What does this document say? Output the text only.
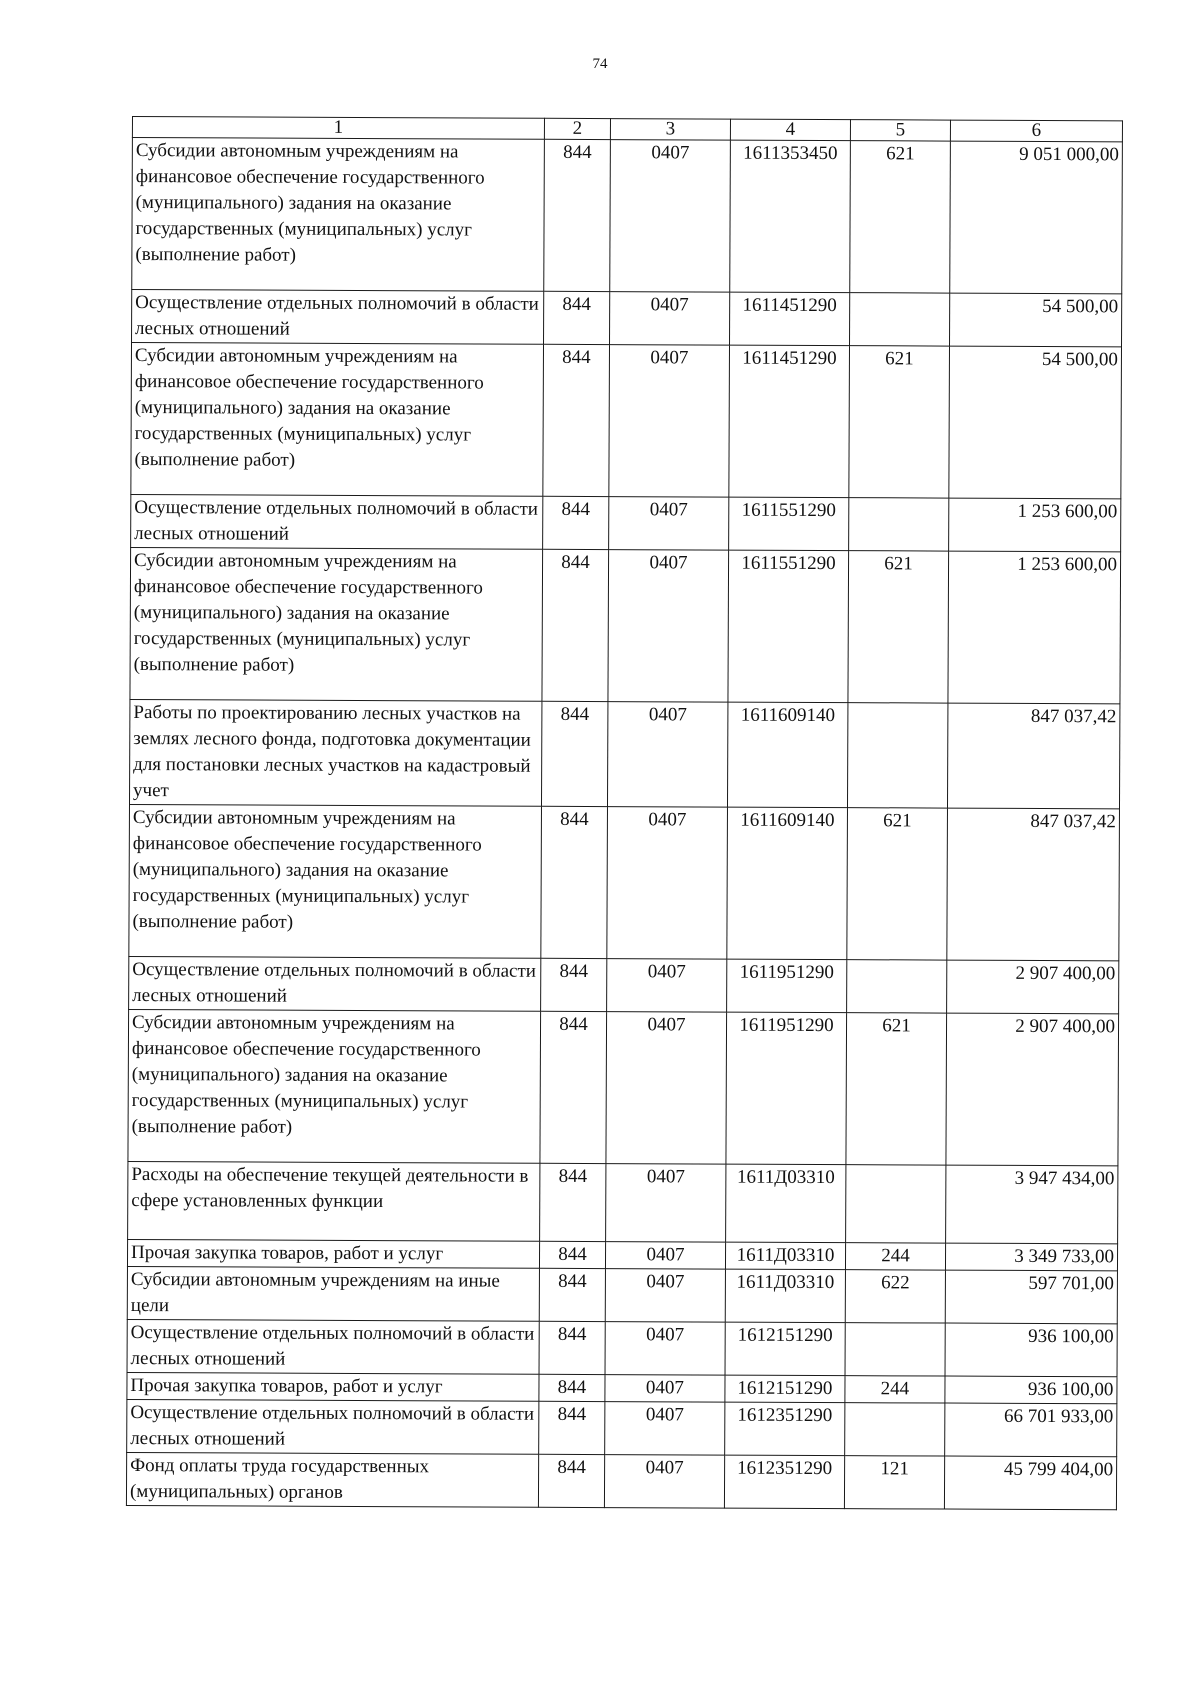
74
1	2	3	4	5	6
Субсидии автономным учреждениям на финансовое обеспечение государственного (муниципального) задания на оказание государственных (муниципальных) услуг (выполнение работ)	844	0407	1611353450	621	9 051 000,00
Осуществление отдельных полномочий в области лесных отношений	844	0407	1611451290		54 500,00
Субсидии автономным учреждениям на финансовое обеспечение государственного (муниципального) задания на оказание государственных (муниципальных) услуг (выполнение работ)	844	0407	1611451290	621	54 500,00
Осуществление отдельных полномочий в области лесных отношений	844	0407	1611551290		1 253 600,00
Субсидии автономным учреждениям на финансовое обеспечение государственного (муниципального) задания на оказание государственных (муниципальных) услуг (выполнение работ)	844	0407	1611551290	621	1 253 600,00
Работы по проектированию лесных участков на землях лесного фонда, подготовка документации для постановки лесных участков на кадастровый учет	844	0407	1611609140		847 037,42
Субсидии автономным учреждениям на финансовое обеспечение государственного (муниципального) задания на оказание государственных (муниципальных) услуг (выполнение работ)	844	0407	1611609140	621	847 037,42
Осуществление отдельных полномочий в области лесных отношений	844	0407	1611951290		2 907 400,00
Субсидии автономным учреждениям на финансовое обеспечение государственного (муниципального) задания на оказание государственных (муниципальных) услуг (выполнение работ)	844	0407	1611951290	621	2 907 400,00
Расходы на обеспечение текущей деятельности в сфере установленных функции	844	0407	1611Д03310		3 947 434,00
Прочая закупка товаров, работ и услуг	844	0407	1611Д03310	244	3 349 733,00
Субсидии автономным учреждениям на иные цели	844	0407	1611Д03310	622	597 701,00
Осуществление отдельных полномочий в области лесных отношений	844	0407	1612151290		936 100,00
Прочая закупка товаров, работ и услуг	844	0407	1612151290	244	936 100,00
Осуществление отдельных полномочий в области лесных отношений	844	0407	1612351290		66 701 933,00
Фонд оплаты труда государственных (муниципальных) органов	844	0407	1612351290	121	45 799 404,00
